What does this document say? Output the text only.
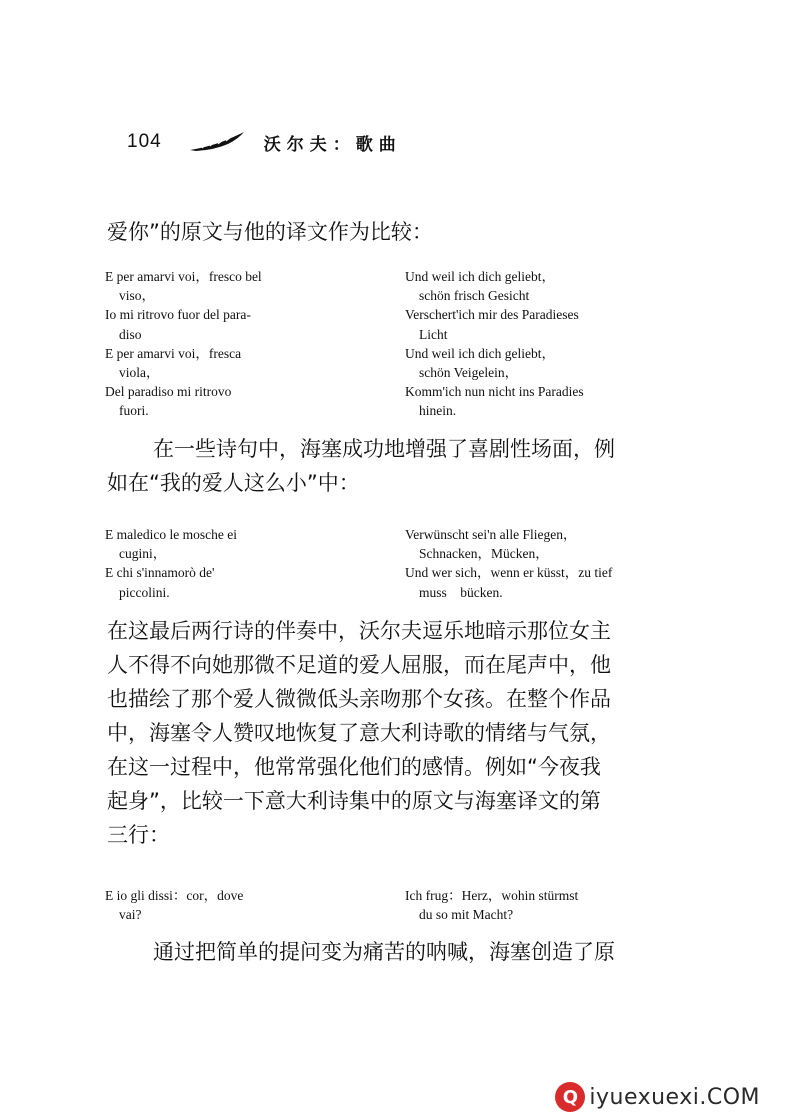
104	沃尔夫：歌曲
爱你”的原文与他的译文作为比较：
E per amarvi voi，fresco bel
viso，
Io mi ritrovo fuor del para-
diso
E per amarvi voi，fresca
viola，
Del paradiso mi ritrovo
fuori.
Und weil ich dich geliebt，
schön frisch Gesicht
Verschert'ich mir des Paradieses
Licht
Und weil ich dich geliebt，
schön Veigelein，
Komm'ich nun nicht ins Paradies
hinein.
在一些诗句中，海塞成功地增强了喜剧性场面，例
如在“我的爱人这么小”中：
E maledico le mosche ei
cugini，
E chi s'innamorò de'
piccolini.
Verwünscht sei'n alle Fliegen，
Schnacken，Mücken，
Und wer sich，wenn er küsst，zu tief
muss    bücken.
在这最后两行诗的伴奏中，沃尔夫逗乐地暗示那位女主
人不得不向她那微不足道的爱人屈服，而在尾声中，他
也描绘了那个爱人微微低头亲吻那个女孩。在整个作品
中，海塞令人赞叹地恢复了意大利诗歌的情绪与气氛，
在这一过程中，他常常强化他们的感情。例如“今夜我
起身”，比较一下意大利诗集中的原文与海塞译文的第
三行：
E io gli dissi：cor，dove
vai?
Ich frug：Herz，wohin stürmst
du so mit Macht?
通过把简单的提问变为痛苦的呐喊，海塞创造了原
Q iyuexuexi.COM
